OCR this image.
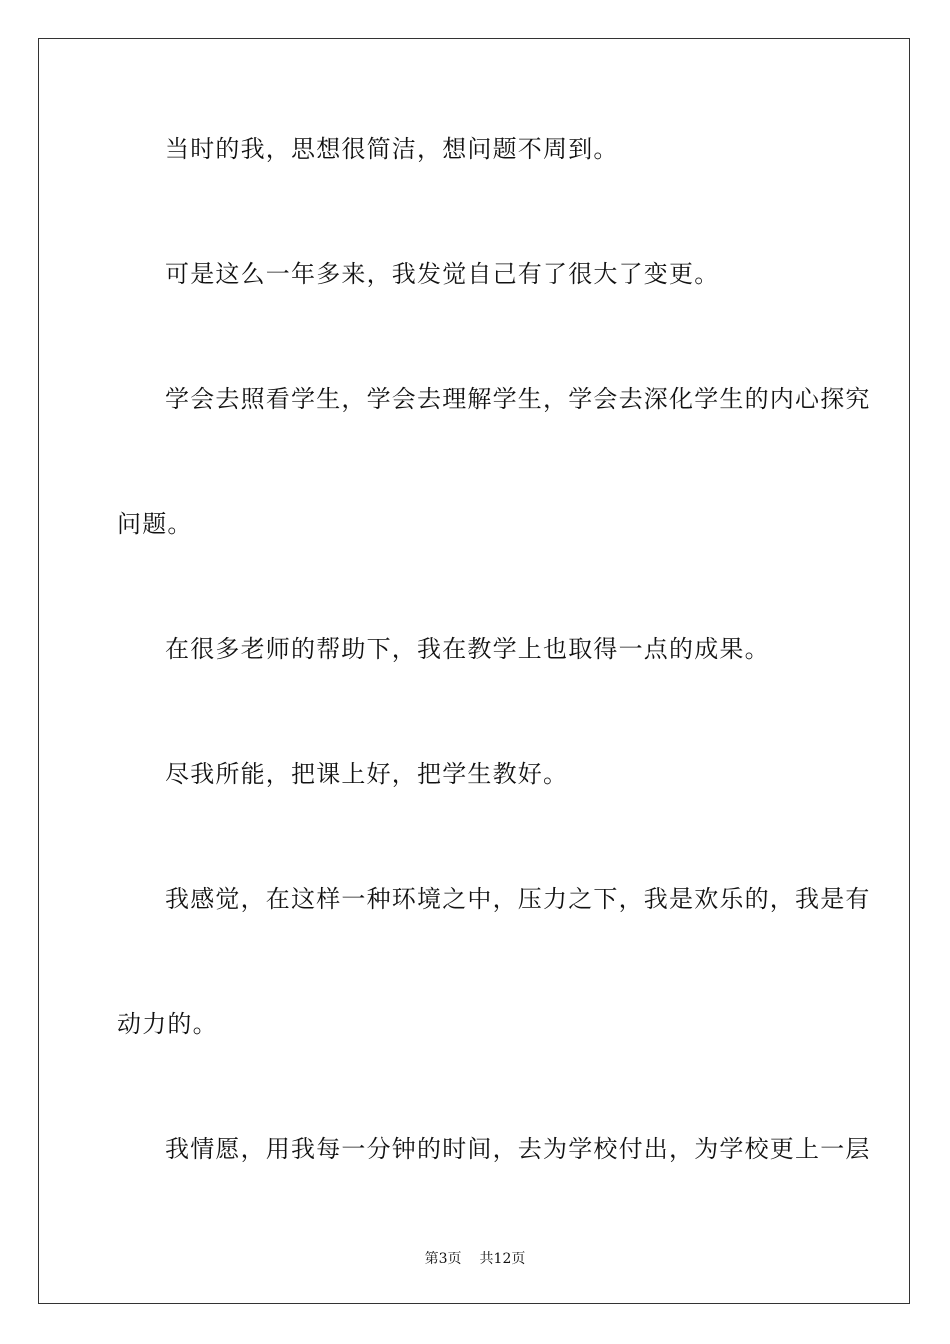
当时的我，思想很简洁，想问题不周到。

可是这么一年多来，我发觉自己有了很大了变更。

学会去照看学生，学会去理解学生，学会去深化学生的内心探究

问题。

在很多老师的帮助下，我在教学上也取得一点的成果。

尽我所能，把课上好，把学生教好。

我感觉，在这样一种环境之中，压力之下，我是欢乐的，我是有

动力的。

我情愿，用我每一分钟的时间，去为学校付出，为学校更上一层

第3页 共12页
